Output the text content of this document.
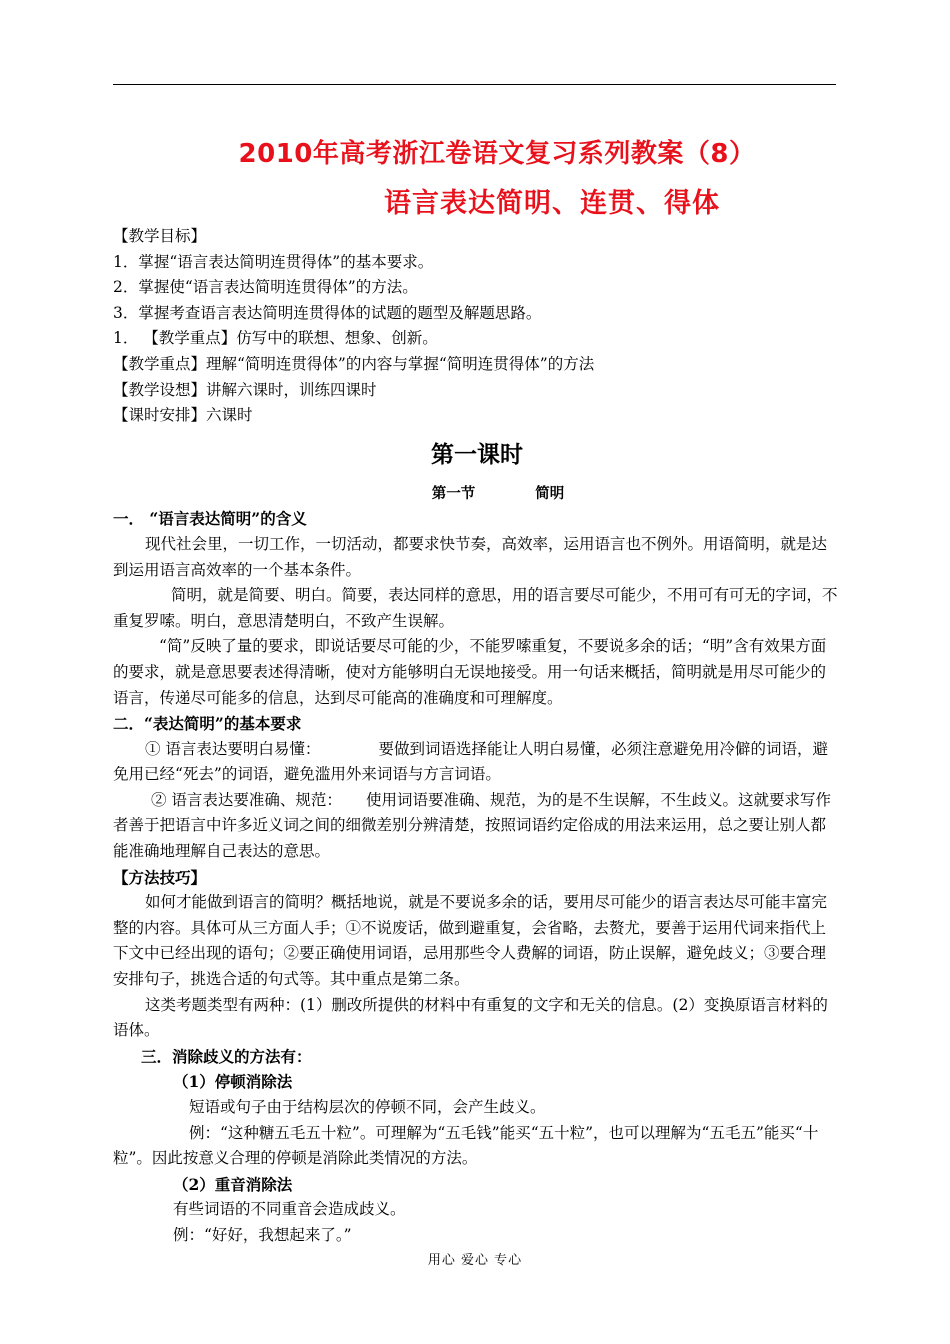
2010年高考浙江卷语文复习系列教案（8）
语言表达简明、连贯、得体

【教学目标】

1．掌握“语言表达简明连贯得体”的基本要求。

2．掌握使“语言表达简明连贯得体”的方法。

3．掌握考查语言表达简明连贯得体的试题的题型及解题思路。

1． 【教学重点】仿写中的联想、想象、创新。

【教学重点】理解“简明连贯得体”的内容与掌握“简明连贯得体”的方法

【教学设想】讲解六课时，训练四课时

【课时安排】六课时

第一课时

第一节	简明

一． “语言表达简明”的含义

现代社会里，一切工作，一切活动，都要求快节奏，高效率，运用语言也不例外。用语简明，就是达到运用语言高效率的一个基本条件。

简明，就是简要、明白。简要，表达同样的意思，用的语言要尽可能少，不用可有可无的字词，不重复罗嗦。明白，意思清楚明白，不致产生误解。

“简”反映了量的要求，即说话要尽可能的少，不能罗嗦重复，不要说多余的话；“明”含有效果方面的要求，就是意思要表述得清晰，使对方能够明白无误地接受。用一句话来概括，简明就是用尽可能少的语言，传递尽可能多的信息，达到尽可能高的准确度和可理解度。

二．“表达简明”的基本要求

① 语言表达要明白易懂：	要做到词语选择能让人明白易懂，必须注意避免用冷僻的词语，避免用已经“死去”的词语，避免滥用外来词语与方言词语。

② 语言表达要准确、规范： 使用词语要准确、规范，为的是不生误解，不生歧义。这就要求写作者善于把语言中许多近义词之间的细微差别分辨清楚，按照词语约定俗成的用法来运用，总之要让别人都能准确地理解自己表达的意思。

【方法技巧】

如何才能做到语言的简明？概括地说，就是不要说多余的话，要用尽可能少的语言表达尽可能丰富完整的内容。具体可从三方面人手；①不说废话，做到避重复，会省略，去赘尤，要善于运用代词来指代上下文中已经出现的语句；②要正确使用词语，忌用那些令人费解的词语，防止误解，避免歧义；③要合理安排句子，挑选合适的句式等。其中重点是第二条。

这类考题类型有两种：(1）删改所提供的材料中有重复的文字和无关的信息。(2）变换原语言材料的语体。

三．消除歧义的方法有：

（1）停顿消除法

短语或句子由于结构层次的停顿不同，会产生歧义。

例：“这种糖五毛五十粒”。可理解为“五毛钱”能买“五十粒”，也可以理解为“五毛五”能买“十粒”。因此按意义合理的停顿是消除此类情况的方法。

（2）重音消除法

有些词语的不同重音会造成歧义。

例：“好好，我想起来了。”

用心 爱心 专心
